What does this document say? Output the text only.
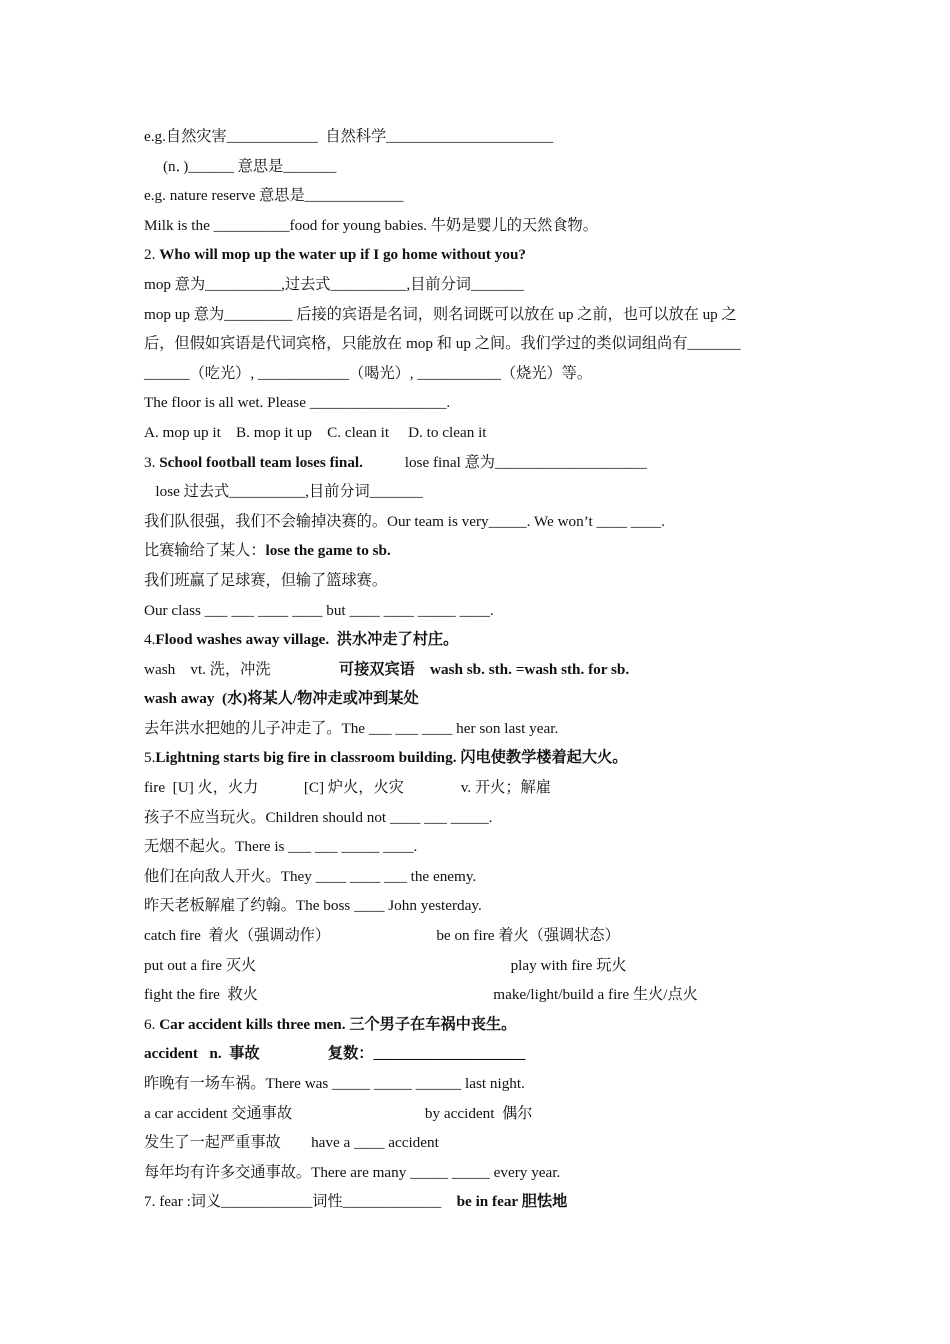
e.g.自然灾害____________  自然科学______________________
(n．)______ 意思是_______
e.g. nature reserve 意思是_____________
Milk is the __________food for young babies. 牛奶是婴儿的天然食物。
2. Who will mop up the water up if I go home without you?
mop 意为__________,过去式__________,目前分词_______
mop up 意为_________ 后接的宾语是名词，则名词既可以放在 up 之前，也可以放在 up 之
后，但假如宾语是代词宾格，只能放在 mop 和 up 之间。我们学过的类似词组尚有_______
______（吃光）, ____________（喝光）, ___________（烧光）等。
The floor is all wet. Please __________________.
A. mop up it    B. mop it up    C. clean it     D. to clean it
3. School football team loses final.           lose final 意为____________________
lose 过去式__________,目前分词_______
我们队很强，我们不会输掉决赛的。Our team is very_____. We won’t ____ ____.
比赛输给了某人：lose the game to sb.
我们班赢了足球赛，但输了篮球赛。
Our class ___ ___ ____ ____ but ____ ____ _____ ____.
4.Flood washes away village.  洪水冲走了村庄。
wash    vt. 洗，冲洗                  可接双宾语    wash sb. sth. =wash sth. for sb.
wash away  (水)将某人/物冲走或冲到某处
去年洪水把她的儿子冲走了。The ___ ___ ____ her son last year.
5.Lightning starts big fire in classroom building. 闪电使教学楼着起大火。
fire  [U] 火，火力            [C] 炉火，火灾               v. 开火；解雇
孩子不应当玩火。Children should not ____ ___ _____.
无烟不起火。There is ___ ___ _____ ____.
他们在向敌人开火。They ____ ____ ___ the enemy.
昨天老板解雇了约翰。The boss ____ John yesterday.
catch fire  着火（强调动作）                            be on fire 着火（强调状态）
put out a fire 灭火                                                                   play with fire 玩火
fight the fire  救火                                                              make/light/build a fire 生火/点火
6. Car accident kills three men. 三个男子在车祸中丧生。
accident   n.  事故                  复数：____________________
昨晚有一场车祸。There was _____ _____ ______ last night.
a car accident 交通事故                                   by accident  偶尔
发生了一起严重事故        have a ____ accident
每年均有许多交通事故。There are many _____ _____ every year.
7. fear :词义____________词性_____________    be in fear 胆怯地
